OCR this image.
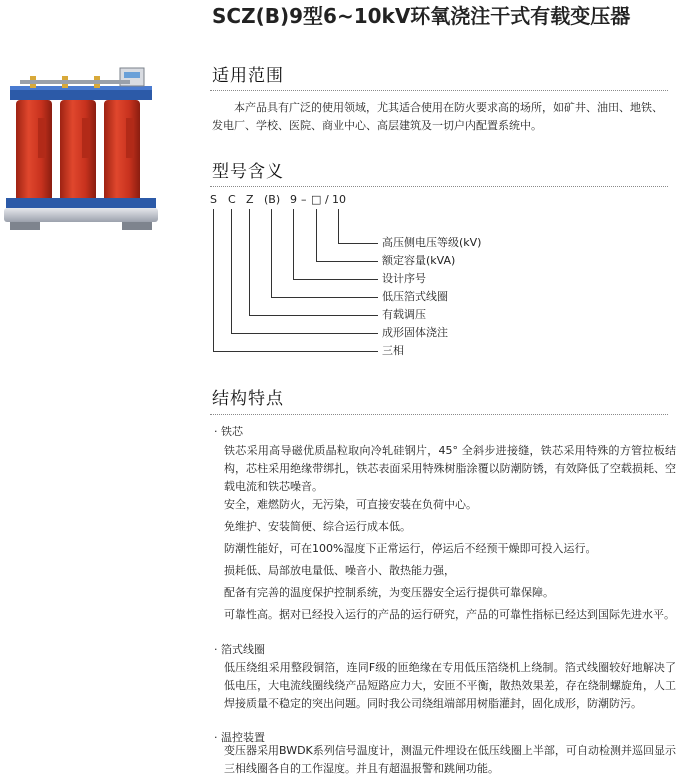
SCZ(B)9型6~10kV环氧浇注干式有载变压器
适用范围

本产品具有广泛的使用领域，尤其适合使用在防火要求高的场所，如矿井、油田、地铁、发电厂、学校、医院、商业中心、高层建筑及一切户内配置系统中。

型号含义
S C Z (B) 9 – □ / 10
高压侧电压等级(kV)
额定容量(kVA)
设计序号
低压箔式线圈
有载调压
成形固体浇注
三相
结构特点
· 铁芯

铁芯采用高导磁优质晶粒取向冷轧硅钢片，45° 全斜步进接缝，铁芯采用特殊的方管拉板结构，芯柱采用绝缘带绑扎，铁芯表面采用特殊树脂涂覆以防潮防锈，有效降低了空载损耗、空载电流和铁芯噪音。

安全，难燃防火，无污染，可直接安装在负荷中心。

免维护、安装简便、综合运行成本低。

防潮性能好，可在100%湿度下正常运行，停运后不经预干燥即可投入运行。

损耗低、局部放电量低、噪音小、散热能力强，

配备有完善的温度保护控制系统，为变压器安全运行提供可靠保障。

可靠性高。据对已经投入运行的产品的运行研究，产品的可靠性指标已经达到国际先进水平。

· 箔式线圈

低压绕组采用整段铜箔，连同F级的匝绝缘在专用低压箔绕机上绕制。箔式线圈较好地解决了低电压，大电流线圈线绕产品短路应力大，安匝不平衡，散热效果差，存在绕制螺旋角，人工焊接质量不稳定的突出问题。同时我公司绕组端部用树脂灌封，固化成形，防潮防污。

· 温控装置

变压器采用BWDK系列信号温度计，测温元件埋设在低压线圈上半部，可自动检测并巡回显示三相线圈各自的工作湿度。并且有超温报警和跳闸功能。
